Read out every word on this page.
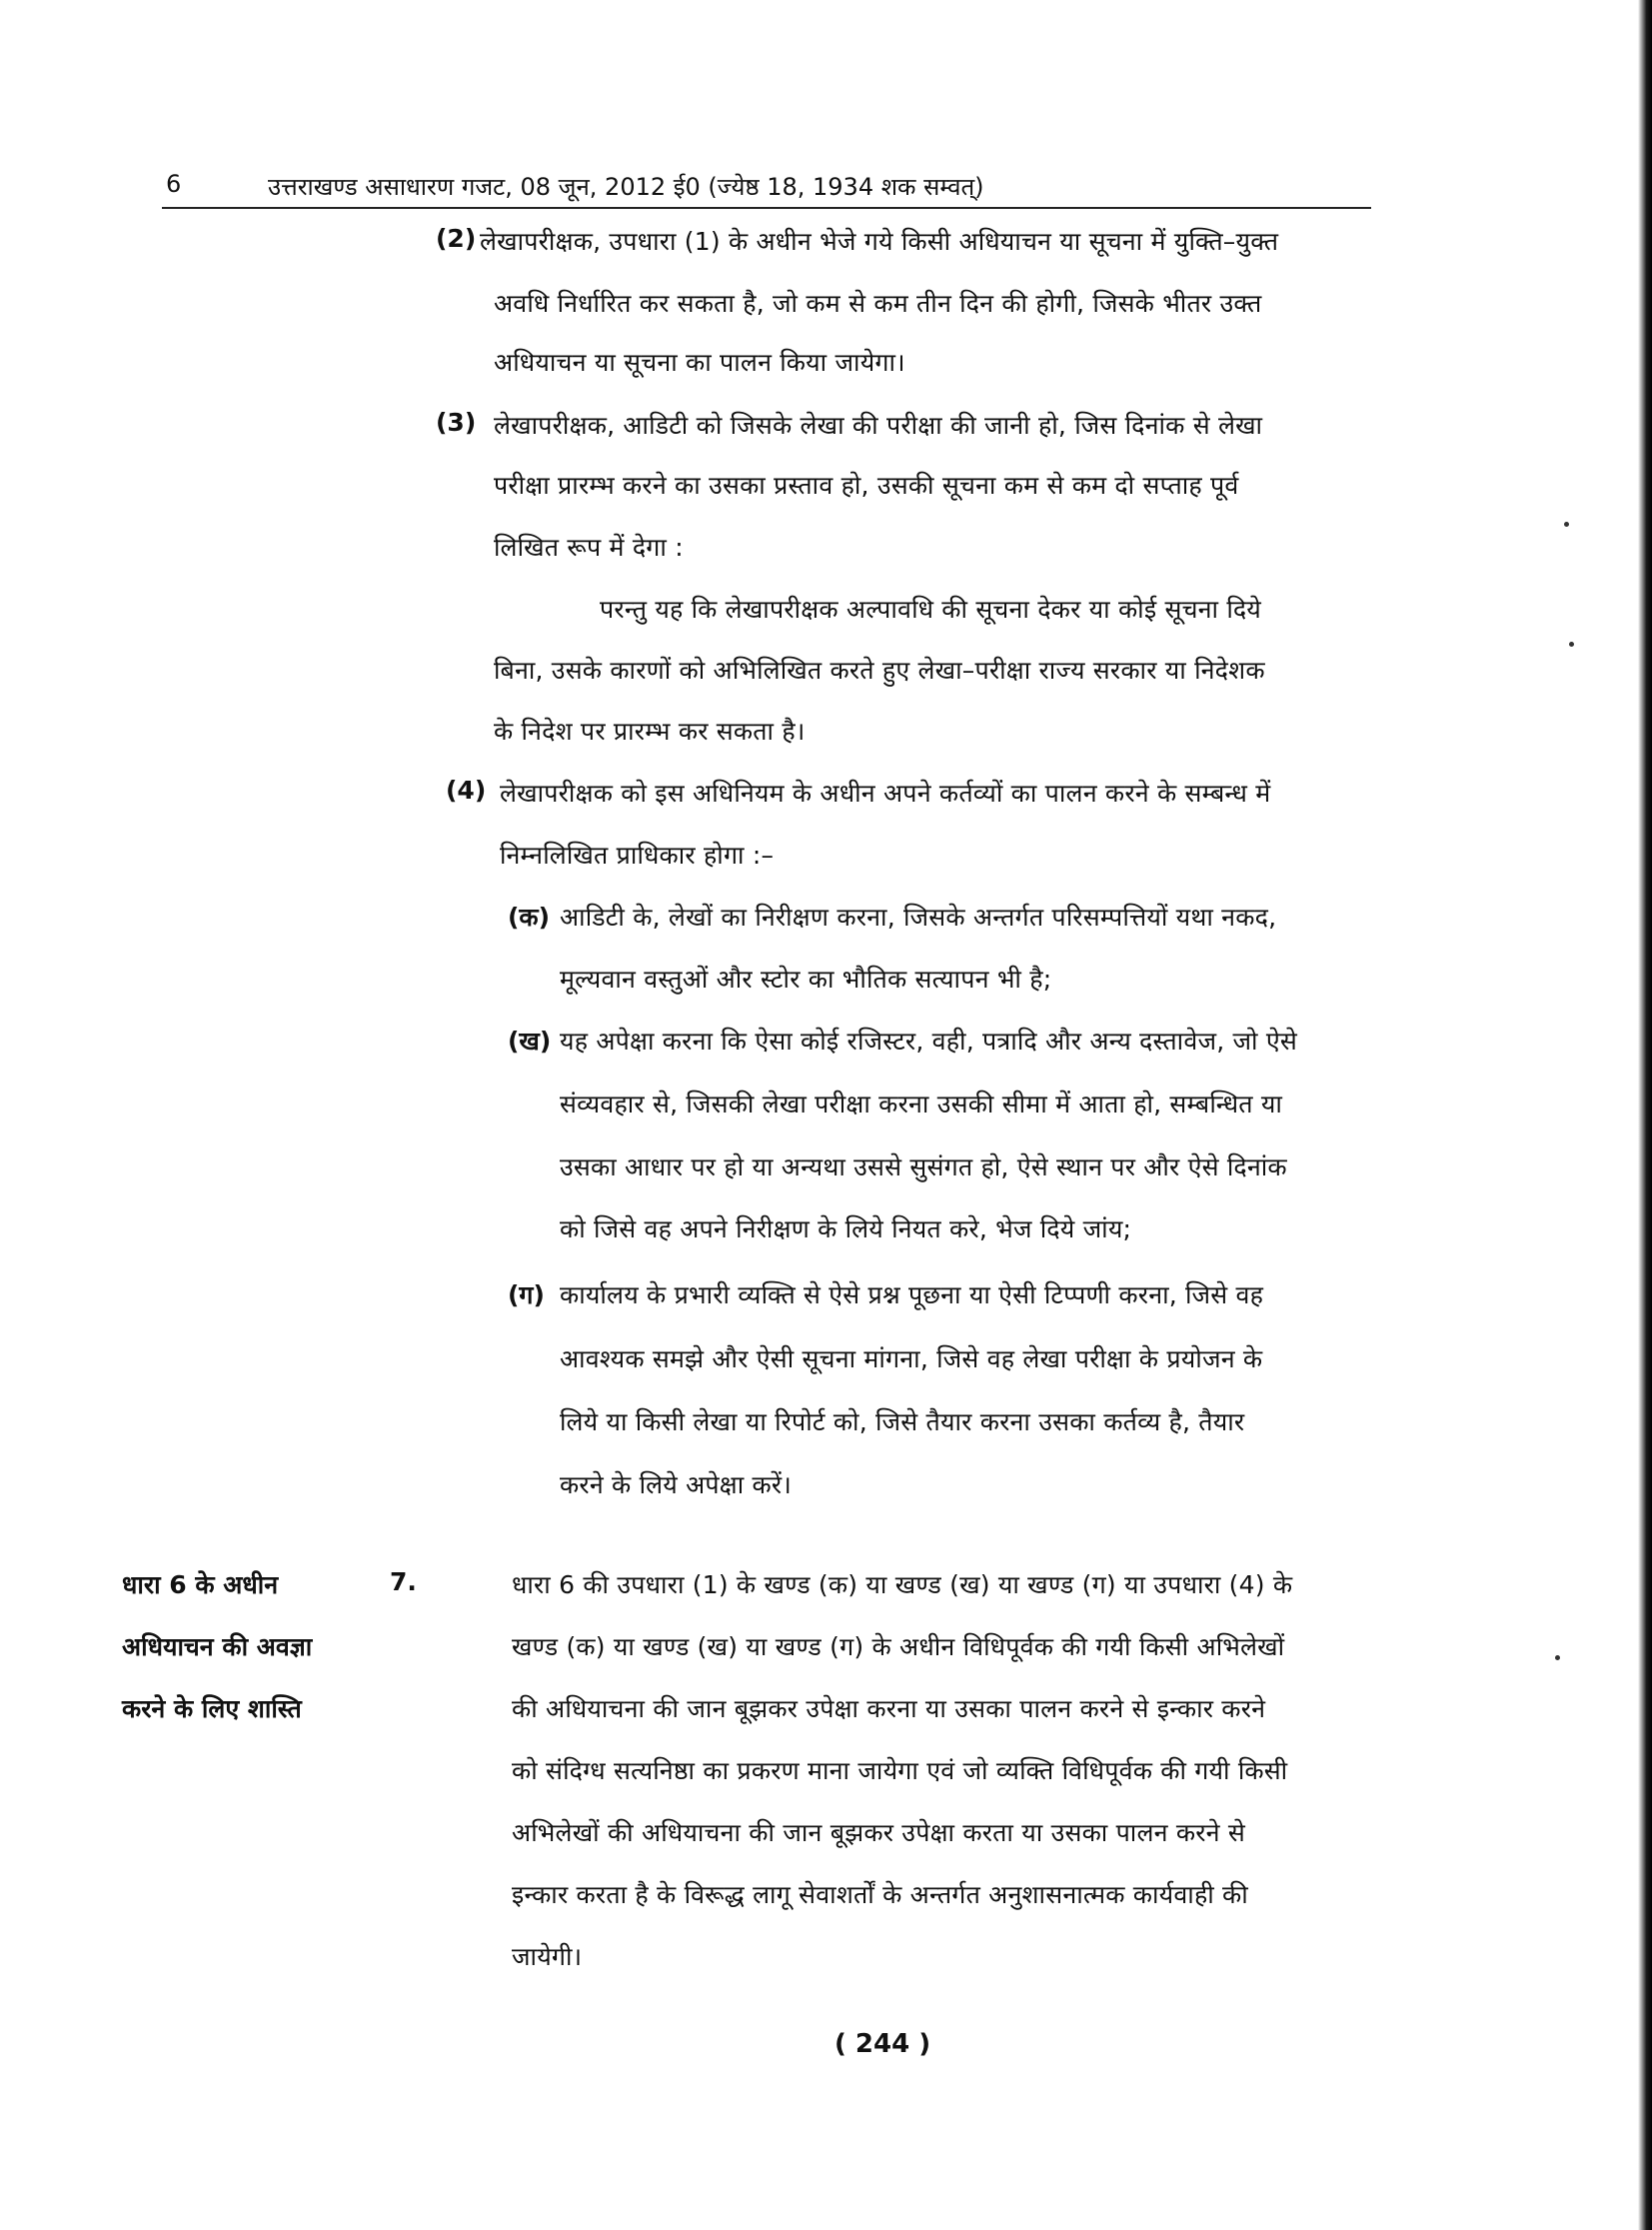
6	उत्तराखण्ड असाधारण गजट, 08 जून, 2012 ई0 (ज्येष्ठ 18, 1934 शक सम्वत्)
(2) लेखापरीक्षक, उपधारा (1) के अधीन भेजे गये किसी अधियाचन या सूचना में युक्ति–युक्त
अवधि निर्धारित कर सकता है, जो कम से कम तीन दिन की होगी, जिसके भीतर उक्त
अधियाचन या सूचना का पालन किया जायेगा।
(3) लेखापरीक्षक, आडिटी को जिसके लेखा की परीक्षा की जानी हो, जिस दिनांक से लेखा
परीक्षा प्रारम्भ करने का उसका प्रस्ताव हो, उसकी सूचना कम से कम दो सप्ताह पूर्व
लिखित रूप में देगा :
परन्तु यह कि लेखापरीक्षक अल्पावधि की सूचना देकर या कोई सूचना दिये
बिना, उसके कारणों को अभिलिखित करते हुए लेखा–परीक्षा राज्य सरकार या निदेशक
के निदेश पर प्रारम्भ कर सकता है।
(4) लेखापरीक्षक को इस अधिनियम के अधीन अपने कर्तव्यों का पालन करने के सम्बन्ध में
निम्नलिखित प्राधिकार होगा :–
(क) आडिटी के, लेखों का निरीक्षण करना, जिसके अन्तर्गत परिसम्पत्तियों यथा नकद,
मूल्यवान वस्तुओं और स्टोर का भौतिक सत्यापन भी है;
(ख) यह अपेक्षा करना कि ऐसा कोई रजिस्टर, वही, पत्रादि और अन्य दस्तावेज, जो ऐसे
संव्यवहार से, जिसकी लेखा परीक्षा करना उसकी सीमा में आता हो, सम्बन्धित या
उसका आधार पर हो या अन्यथा उससे सुसंगत हो, ऐसे स्थान पर और ऐसे दिनांक
को जिसे वह अपने निरीक्षण के लिये नियत करे, भेज दिये जांय;
(ग) कार्यालय के प्रभारी व्यक्ति से ऐसे प्रश्न पूछना या ऐसी टिप्पणी करना, जिसे वह
आवश्यक समझे और ऐसी सूचना मांगना, जिसे वह लेखा परीक्षा के प्रयोजन के
लिये या किसी लेखा या रिपोर्ट को, जिसे तैयार करना उसका कर्तव्य है, तैयार
करने के लिये अपेक्षा करें।
धारा 6 के अधीन
अधियाचन की अवज्ञा
करने के लिए शास्ति
7.	धारा 6 की उपधारा (1) के खण्ड (क) या खण्ड (ख) या खण्ड (ग) या उपधारा (4) के
खण्ड (क) या खण्ड (ख) या खण्ड (ग) के अधीन विधिपूर्वक की गयी किसी अभिलेखों
की अधियाचना की जान बूझकर उपेक्षा करना या उसका पालन करने से इन्कार करने
को संदिग्ध सत्यनिष्ठा का प्रकरण माना जायेगा एवं जो व्यक्ति विधिपूर्वक की गयी किसी
अभिलेखों की अधियाचना की जान बूझकर उपेक्षा करता या उसका पालन करने से
इन्कार करता है के विरूद्ध लागू सेवाशर्तों के अन्तर्गत अनुशासनात्मक कार्यवाही की
जायेगी।
( 244 )
